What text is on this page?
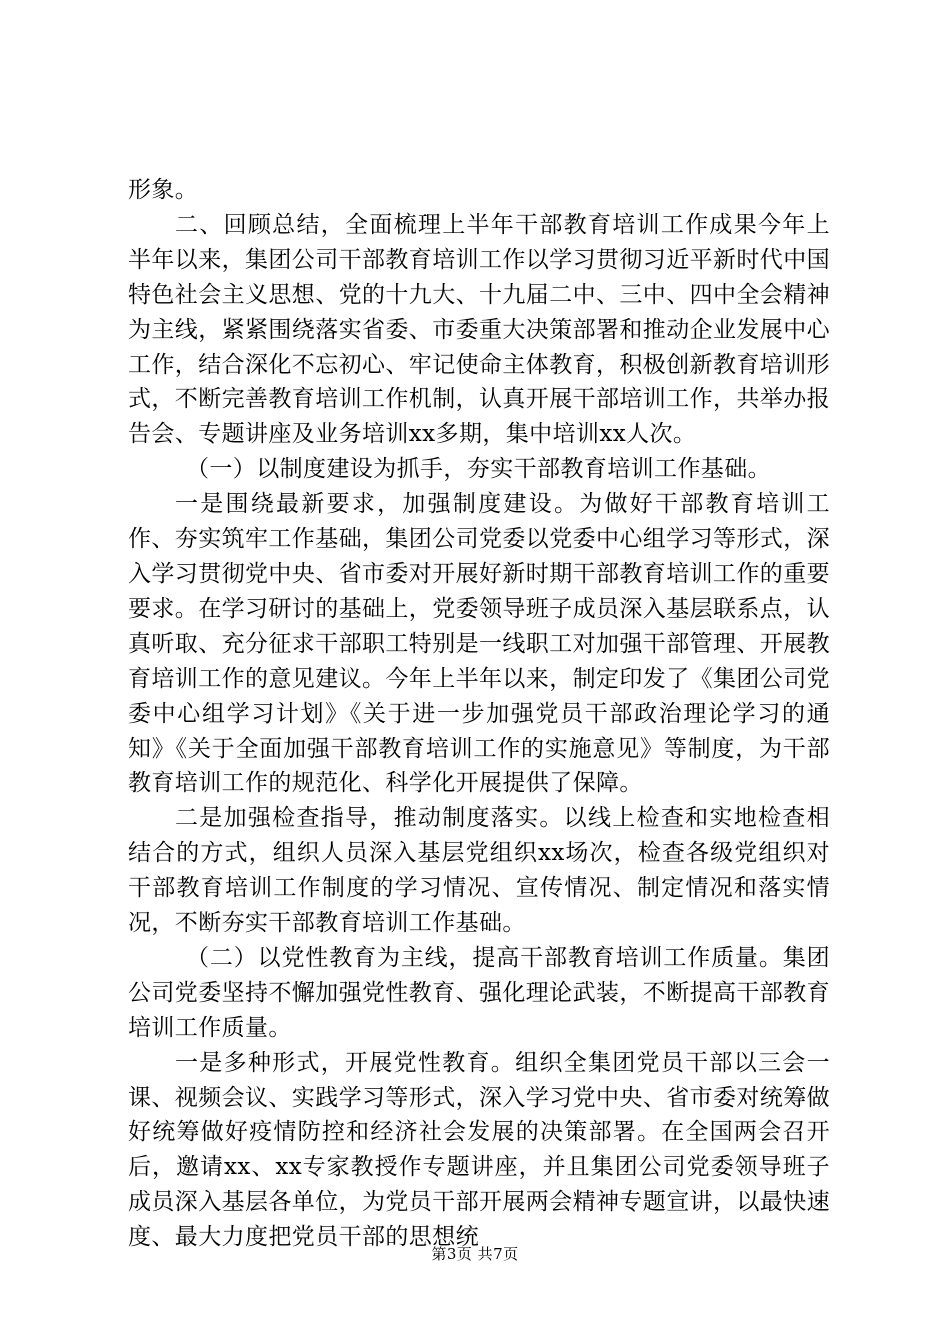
形象。

二、回顾总结，全面梳理上半年干部教育培训工作成果今年上半年以来，集团公司干部教育培训工作以学习贯彻习近平新时代中国特色社会主义思想、党的十九大、十九届二中、三中、四中全会精神为主线，紧紧围绕落实省委、市委重大决策部署和推动企业发展中心工作，结合深化不忘初心、牢记使命主体教育，积极创新教育培训形式，不断完善教育培训工作机制，认真开展干部培训工作，共举办报告会、专题讲座及业务培训xx多期，集中培训xx人次。

（一）以制度建设为抓手，夯实干部教育培训工作基础。

一是围绕最新要求，加强制度建设。为做好干部教育培训工作、夯实筑牢工作基础，集团公司党委以党委中心组学习等形式，深入学习贯彻党中央、省市委对开展好新时期干部教育培训工作的重要要求。在学习研讨的基础上，党委领导班子成员深入基层联系点，认真听取、充分征求干部职工特别是一线职工对加强干部管理、开展教育培训工作的意见建议。今年上半年以来，制定印发了《集团公司党委中心组学习计划》《关于进一步加强党员干部政治理论学习的通知》《关于全面加强干部教育培训工作的实施意见》等制度，为干部教育培训工作的规范化、科学化开展提供了保障。

二是加强检查指导，推动制度落实。以线上检查和实地检查相结合的方式，组织人员深入基层党组织xx场次，检查各级党组织对干部教育培训工作制度的学习情况、宣传情况、制定情况和落实情况，不断夯实干部教育培训工作基础。

（二）以党性教育为主线，提高干部教育培训工作质量。集团公司党委坚持不懈加强党性教育、强化理论武装，不断提高干部教育培训工作质量。

一是多种形式，开展党性教育。组织全集团党员干部以三会一课、视频会议、实践学习等形式，深入学习党中央、省市委对统筹做好统筹做好疫情防控和经济社会发展的决策部署。在全国两会召开后，邀请xx、xx专家教授作专题讲座，并且集团公司党委领导班子成员深入基层各单位，为党员干部开展两会精神专题宣讲，以最快速度、最大力度把党员干部的思想统

第3页 共7页
